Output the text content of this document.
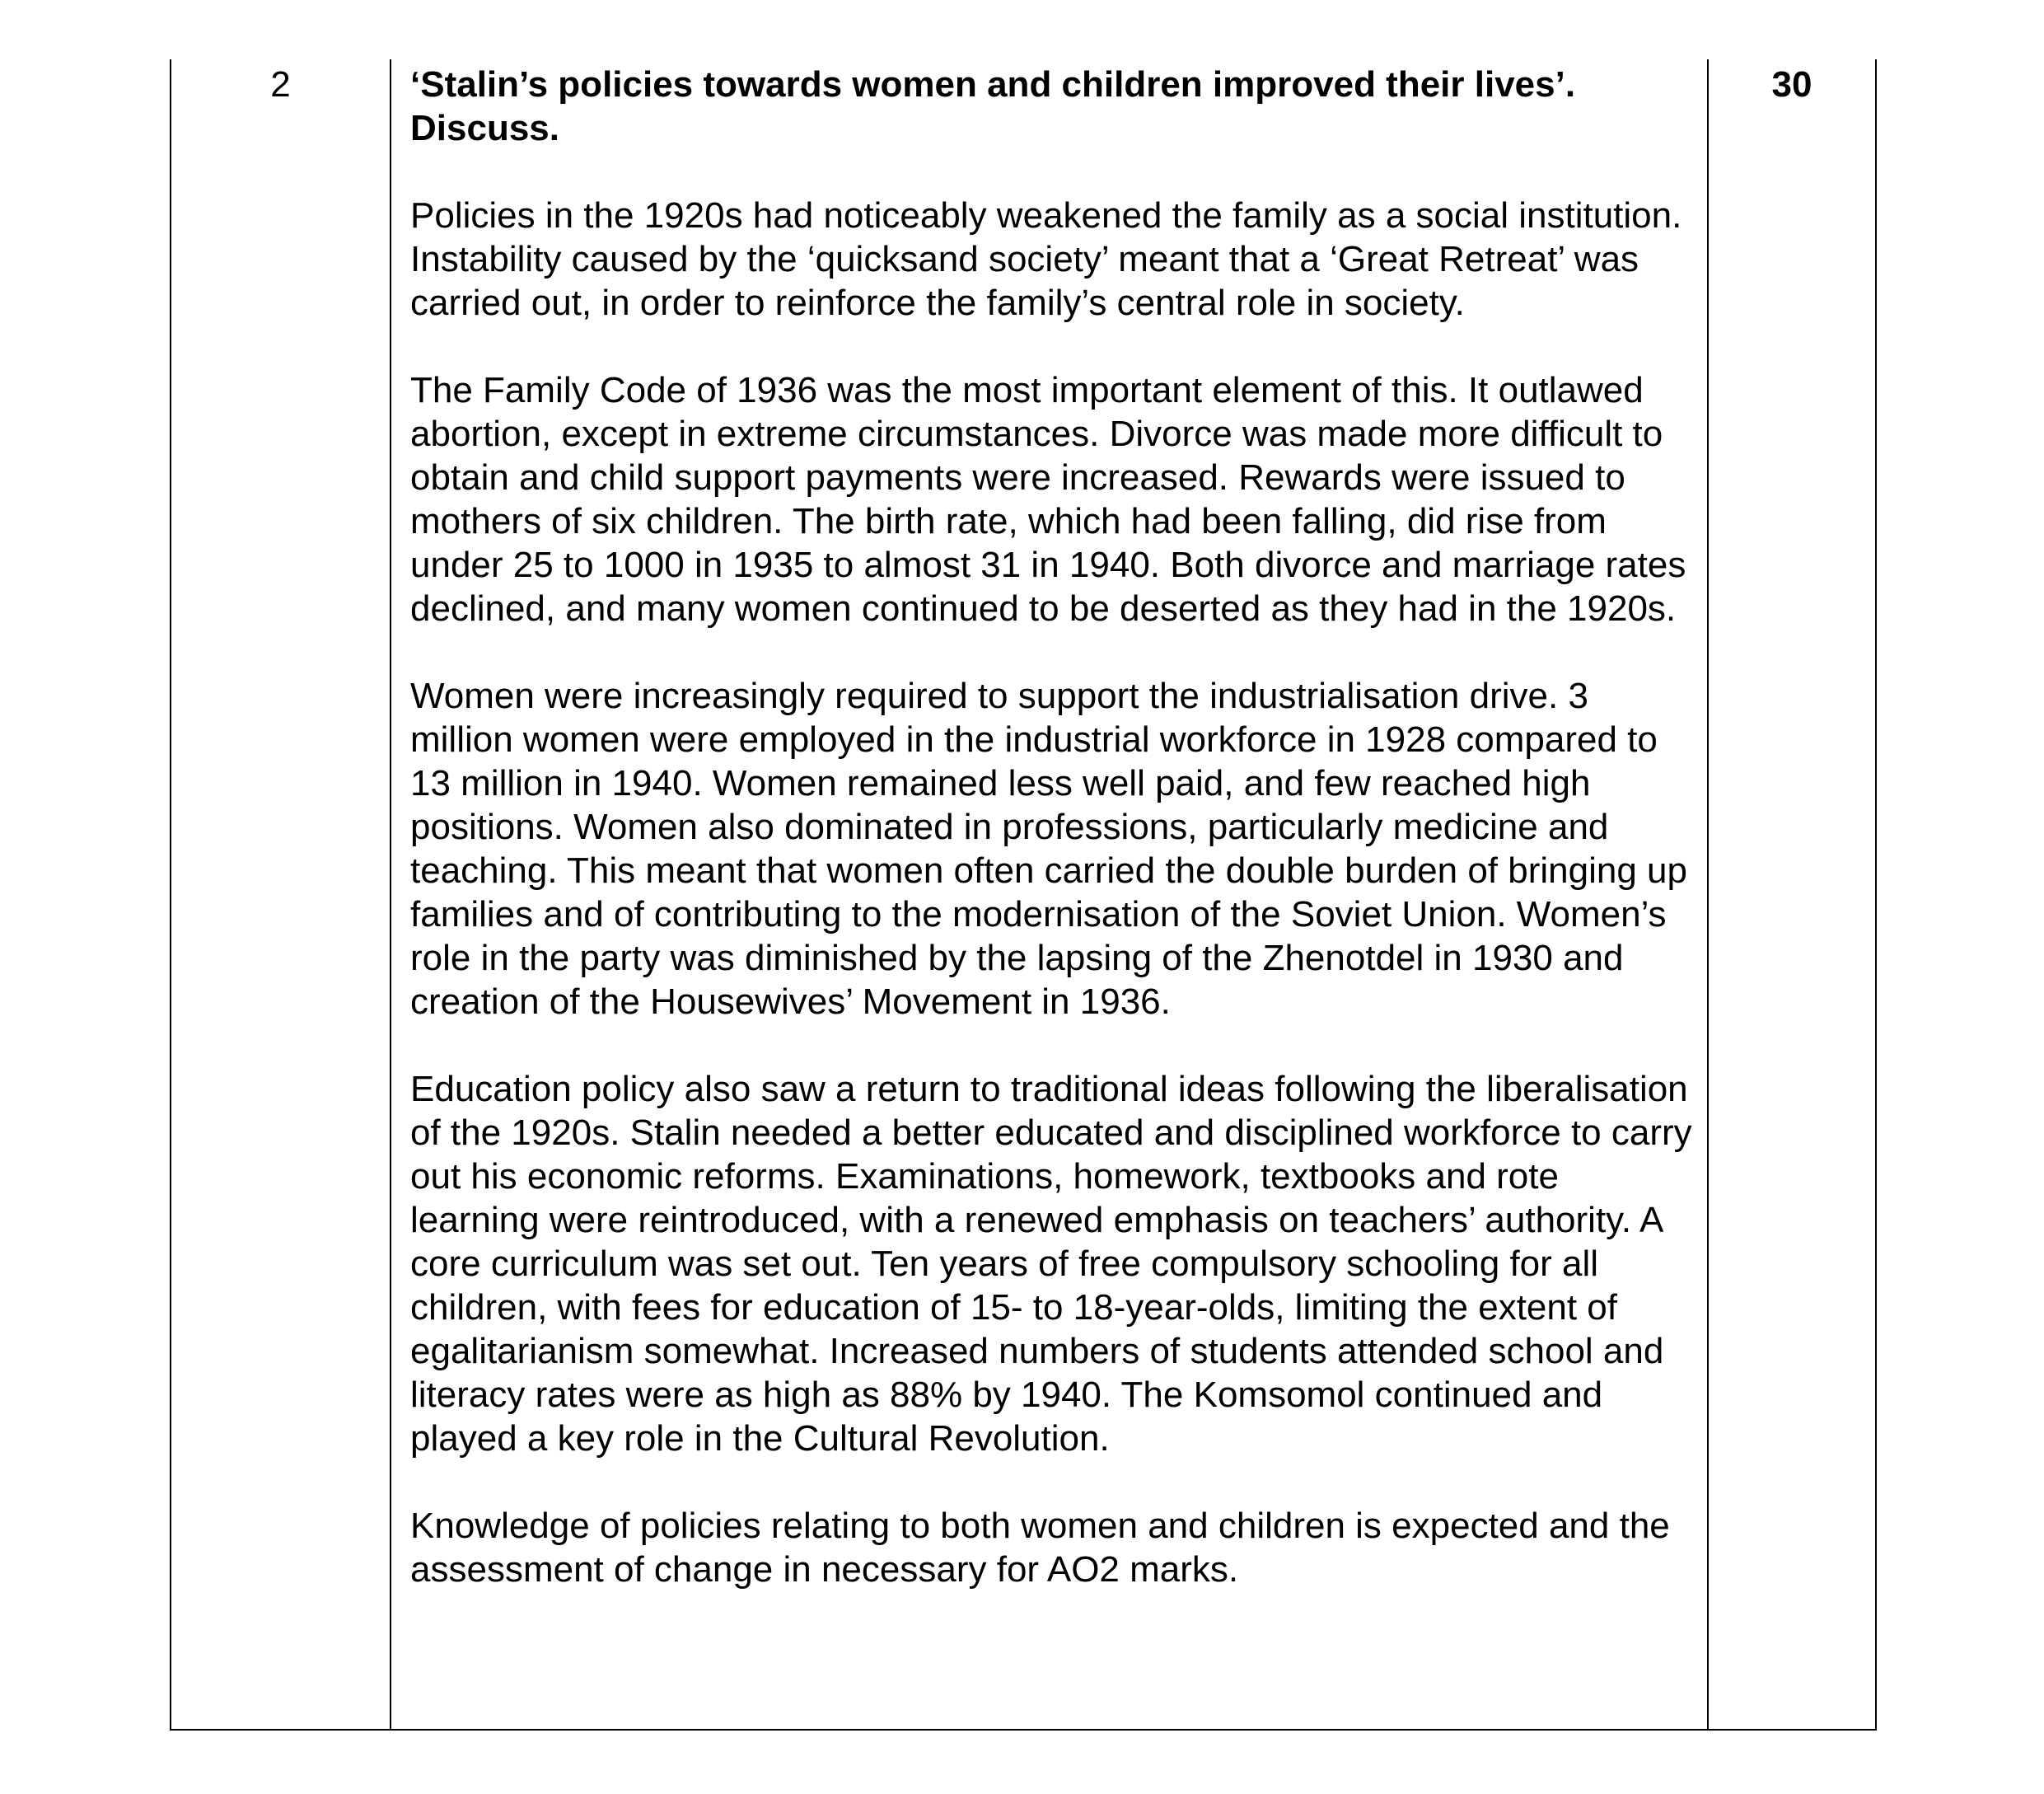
2	‘Stalin’s policies towards women and children improved their lives’. Discuss.

Policies in the 1920s had noticeably weakened the family as a social institution. Instability caused by the ‘quicksand society’ meant that a ‘Great Retreat’ was carried out, in order to reinforce the family’s central role in society.

The Family Code of 1936 was the most important element of this. It outlawed abortion, except in extreme circumstances. Divorce was made more difficult to obtain and child support payments were increased. Rewards were issued to mothers of six children. The birth rate, which had been falling, did rise from under 25 to 1000 in 1935 to almost 31 in 1940. Both divorce and marriage rates declined, and many women continued to be deserted as they had in the 1920s.

Women were increasingly required to support the industrialisation drive. 3 million women were employed in the industrial workforce in 1928 compared to 13 million in 1940. Women remained less well paid, and few reached high positions. Women also dominated in professions, particularly medicine and teaching. This meant that women often carried the double burden of bringing up families and of contributing to the modernisation of the Soviet Union. Women’s role in the party was diminished by the lapsing of the Zhenotdel in 1930 and creation of the Housewives’ Movement in 1936.

Education policy also saw a return to traditional ideas following the liberalisation of the 1920s. Stalin needed a better educated and disciplined workforce to carry out his economic reforms. Examinations, homework, textbooks and rote learning were reintroduced, with a renewed emphasis on teachers’ authority. A core curriculum was set out. Ten years of free compulsory schooling for all children, with fees for education of 15- to 18-year-olds, limiting the extent of egalitarianism somewhat. Increased numbers of students attended school and literacy rates were as high as 88% by 1940. The Komsomol continued and played a key role in the Cultural Revolution.

Knowledge of policies relating to both women and children is expected and the assessment of change in necessary for AO2 marks.

30
